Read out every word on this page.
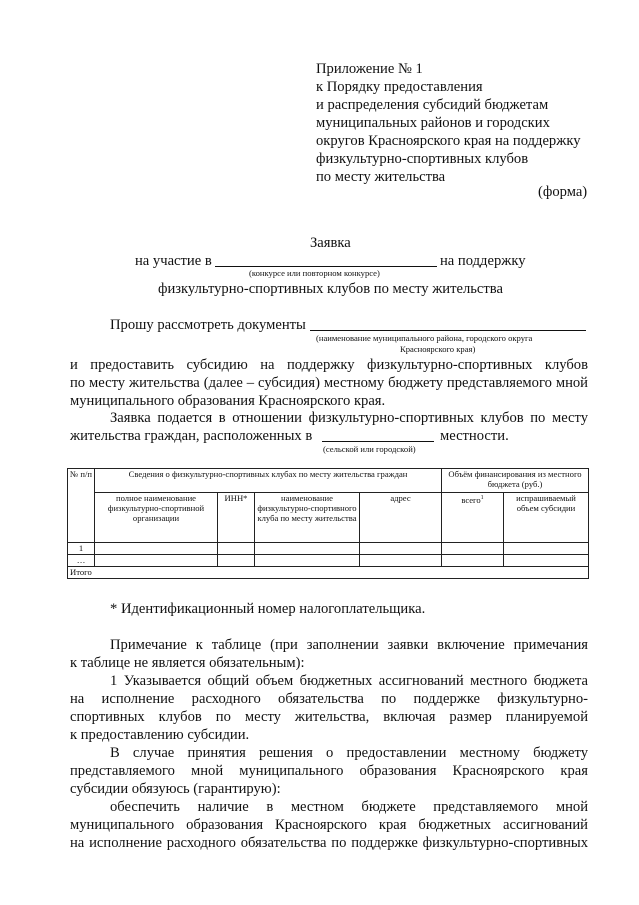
Приложение № 1
к Порядку предоставления
и распределения субсидий бюджетам
муниципальных районов и городских
округов Красноярского края на поддержку
физкультурно-спортивных клубов
по месту жительства
(форма)
Заявка
на участие в	на поддержку
(конкурсе или повторном конкурсе)
физкультурно-спортивных клубов по месту жительства
Прошу рассмотреть документы
(наименование муниципального района, городского округа
Красноярского края)
и предоставить субсидию на поддержку физкультурно-спортивных клубов
по месту жительства (далее – субсидия) местному бюджету представляемого мной
муниципального образования Красноярского края.
Заявка подается в отношении физкультурно-спортивных клубов по месту
жительства граждан, расположенных в	местности.
(сельской или городской)
№ п/п	Сведения о физкультурно-спортивных клубах по месту жительства граждан				Объём финансирования из местного бюджета (руб.)	
	полное наименование физкультурно-спортивной организации	ИНН*	наименование физкультурно-спортивного клуба по месту жительства	адрес	всего$^1$	испрашиваемый объем субсидии
1						
…						
Итого						
* Идентификационный номер налогоплательщика.
Примечание к таблице (при заполнении заявки включение примечания
к таблице не является обязательным):
1 Указывается общий объем бюджетных ассигнований местного бюджета
на исполнение расходного обязательства по поддержке физкультурно-
спортивных клубов по месту жительства, включая размер планируемой
к предоставлению субсидии.
В случае принятия решения о предоставлении местному бюджету
представляемого мной муниципального образования Красноярского края
субсидии обязуюсь (гарантирую):
обеспечить наличие в местном бюджете представляемого мной
муниципального образования Красноярского края бюджетных ассигнований
на исполнение расходного обязательства по поддержке физкультурно-спортивных
